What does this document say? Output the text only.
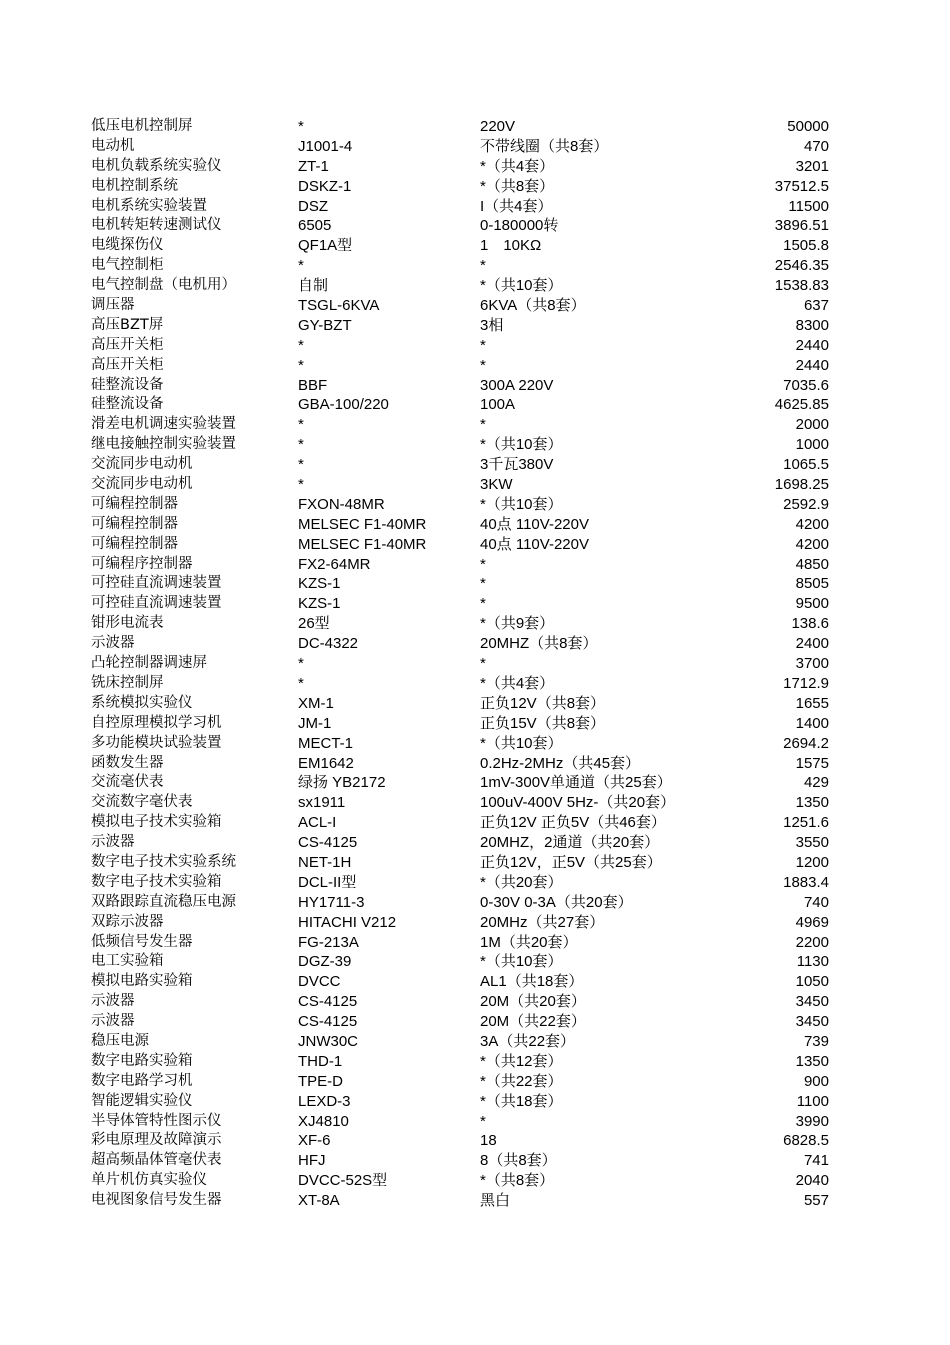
低压电机控制屏	*	220V	50000
电动机	J1001-4	不带线圈（共8套）	470
电机负载系统实验仪	ZT-1	*（共4套）	3201
电机控制系统	DSKZ-1	*（共8套）	37512.5
电机系统实验装置	DSZ	I（共4套）	11500
电机转矩转速测试仪	6505	0-180000转	3896.51
电缆探伤仪	QF1A型	1　10KΩ	1505.8
电气控制柜	*	*	2546.35
电气控制盘（电机用）	自制	*（共10套）	1538.83
调压器	TSGL-6KVA	6KVA（共8套）	637
高压BZT屏	GY-BZT	3相	8300
高压开关柜	*	*	2440
高压开关柜	*	*	2440
硅整流设备	BBF	300A 220V	7035.6
硅整流设备	GBA-100/220	100A	4625.85
滑差电机调速实验装置	*	*	2000
继电接触控制实验装置	*	*（共10套）	1000
交流同步电动机	*	3千瓦380V	1065.5
交流同步电动机	*	3KW	1698.25
可编程控制器	FXON-48MR	*（共10套）	2592.9
可编程控制器	MELSEC F1-40MR	40点 110V-220V	4200
可编程控制器	MELSEC F1-40MR	40点 110V-220V	4200
可编程序控制器	FX2-64MR	*	4850
可控硅直流调速装置	KZS-1	*	8505
可控硅直流调速装置	KZS-1	*	9500
钳形电流表	26型	*（共9套）	138.6
示波器	DC-4322	20MHZ（共8套）	2400
凸轮控制器调速屏	*	*	3700
铣床控制屏	*	*（共4套）	1712.9
系统模拟实验仪	XM-1	正负12V（共8套）	1655
自控原理模拟学习机	JM-1	正负15V（共8套）	1400
多功能模块试验装置	MECT-1	*（共10套）	2694.2
函数发生器	EM1642	0.2Hz-2MHz（共45套）	1575
交流毫伏表	绿扬 YB2172	1mV-300V单通道（共25套）	429
交流数字毫伏表	sx1911	100uV-400V 5Hz-（共20套）	1350
模拟电子技术实验箱	ACL-I	正负12V 正负5V（共46套）	1251.6
示波器	CS-4125	20MHZ，2通道（共20套）	3550
数字电子技术实验系统	NET-1H	正负12V，正5V（共25套）	1200
数字电子技术实验箱	DCL-II型	*（共20套）	1883.4
双路跟踪直流稳压电源	HY1711-3	0-30V 0-3A（共20套）	740
双踪示波器	HITACHI V212	20MHz（共27套）	4969
低频信号发生器	FG-213A	1M（共20套）	2200
电工实验箱	DGZ-39	*（共10套）	1130
模拟电路实验箱	DVCC	AL1（共18套）	1050
示波器	CS-4125	20M（共20套）	3450
示波器	CS-4125	20M（共22套）	3450
稳压电源	JNW30C	3A（共22套）	739
数字电路实验箱	THD-1	*（共12套）	1350
数字电路学习机	TPE-D	*（共22套）	900
智能逻辑实验仪	LEXD-3	*（共18套）	1100
半导体管特性图示仪	XJ4810	*	3990
彩电原理及故障演示	XF-6	18	6828.5
超高频晶体管毫伏表	HFJ	8（共8套）	741
单片机仿真实验仪	DVCC-52S型	*（共8套）	2040
电视图象信号发生器	XT-8A	黑白	557
